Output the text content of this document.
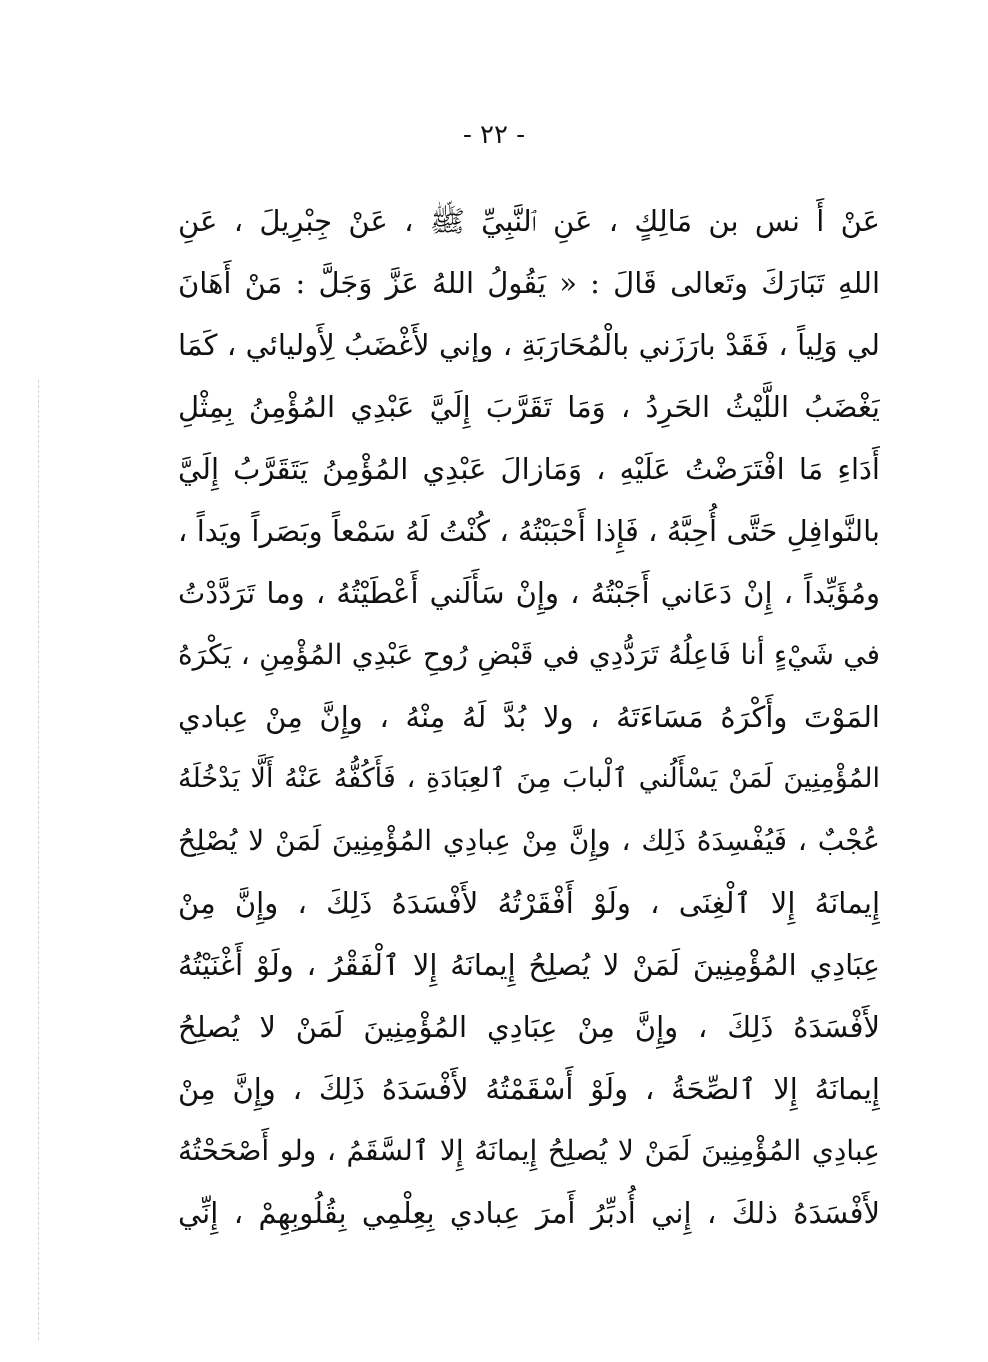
- ٢٢ -
عَنْ أَ نس بن مَالِكٍ ، عَنِ ٱلنَّبِيِّ ﷺ ، عَنْ جِبْرِيلَ ، عَنِ
اللهِ تَبَارَكَ وتَعالى قَالَ : « يَقُولُ اللهُ عَزَّ وَجَلَّ : مَنْ أَهَانَ
لي وَلِياً ، فَقَدْ بارَزَني بالْمُحَارَبَةِ ، وإني لأَغْضَبُ لِأَوليائي ، كَمَا
يَغْضَبُ اللَّيْثُ الحَرِدُ ، وَمَا تَقَرَّبَ إِلَيَّ عَبْدِي المُؤْمِنُ بِمِثْلِ
أَدَاءِ مَا افْتَرَضْتُ عَلَيْهِ ، وَمَازالَ عَبْدِي المُؤْمِنُ يَتَقَرَّبُ إِلَيَّ
بالنَّوافِلِ حَتَّى أُحِبَّهُ ، فَإِذا أَحْبَبْتُهُ ، كُنْتُ لَهُ سَمْعاً وبَصَراً ويَداً ،
ومُؤَيِّداً ، إِنْ دَعَاني أَجَبْتُهُ ، وإِنْ سَأَلَني أَعْطَيْتُهُ ، وما تَرَدَّدْتُ
في شَيْءٍ أنا فَاعِلُهُ تَرَدُّدِي في قَبْضِ رُوحِ عَبْدِي المُؤْمِنِ ، يَكْرَهُ
المَوْتَ وأَكْرَهُ مَسَاءَتَهُ ، ولا بُدَّ لَهُ مِنْهُ ، وإِنَّ مِنْ عِبادي
المُؤْمِنِينَ لَمَنْ يَسْأَلُني ٱلْبابَ مِنَ ٱلعِبَادَةِ ، فَأَكُفُّهُ عَنْهُ أَلَّا يَدْخُلَهُ
عُجْبٌ ، فَيُفْسِدَهُ ذَلِك ، وإِنَّ مِنْ عِبادِي المُؤْمِنِينَ لَمَنْ لا يُصْلِحُ
إِيمانَهُ إِلا ٱلْغِنَى ، ولَوْ أَفْقَرْتُهُ لأَفْسَدَهُ ذَلِكَ ، وإِنَّ مِنْ
عِبَادِي المُؤْمِنِينَ لَمَنْ لا يُصلِحُ إِيمانَهُ إِلا ٱلْفَقْرُ ، ولَوْ أَغْنَيْتُهُ
لأَفْسَدَهُ ذَلِكَ ، وإِنَّ مِنْ عِبَادِي المُؤْمِنِينَ لَمَنْ لا يُصلِحُ
إِيمانَهُ إِلا ٱلصِّحَةُ ، ولَوْ أَسْقَمْتُهُ لأَفْسَدَهُ ذَلِكَ ، وإِنَّ مِنْ
عِبادِي المُؤْمِنِينَ لَمَنْ لا يُصلِحُ إِيمانَهُ إِلا ٱلسَّقَمُ ، ولو أَصْحَحْتُهُ
لأَفْسَدَهُ ذلكَ ، إِني أُدبِّرُ أَمرَ عِبادي بِعِلْمِي بِقُلُوبِهِمْ ، إِنِّي
